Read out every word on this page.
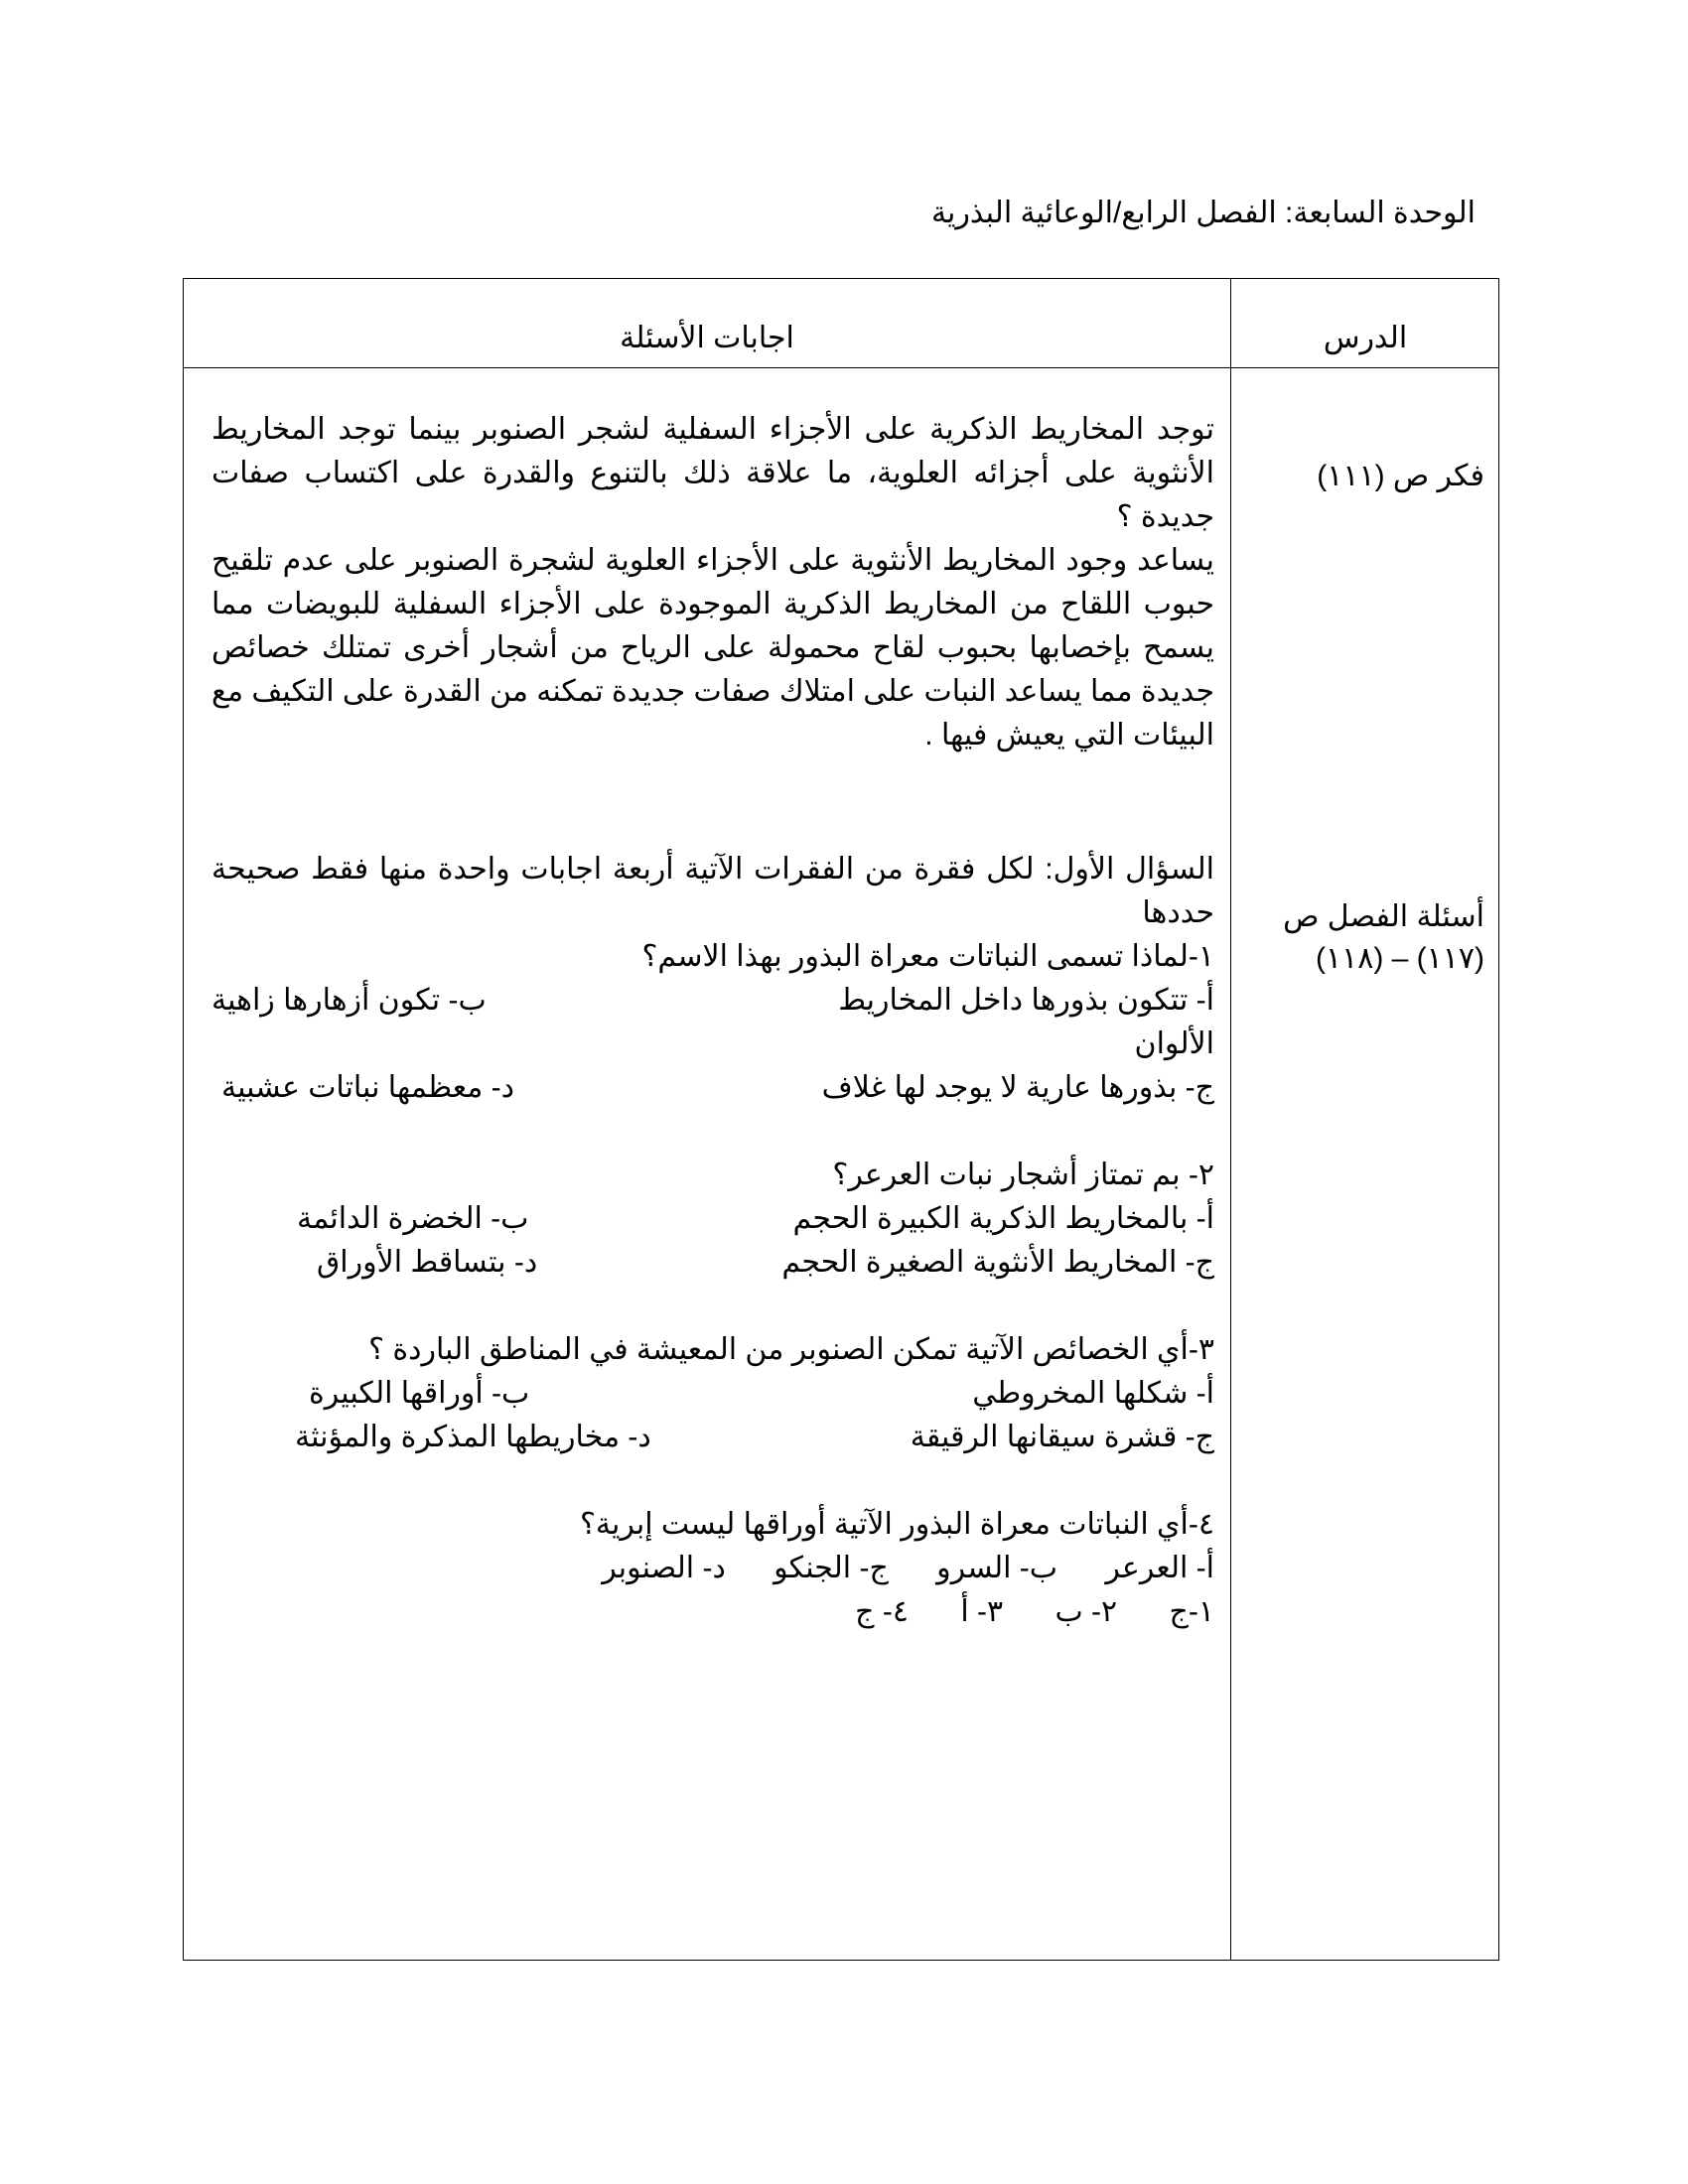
الوحدة السابعة: الفصل الرابع/الوعائية البذرية
الدرس
اجابات الأسئلة
فكر ص (١١١)

توجد المخاريط الذكرية على الأجزاء السفلية لشجر الصنوبر بينما توجد المخاريط الأنثوية على أجزائه العلوية، ما علاقة ذلك بالتنوع والقدرة على اكتساب صفات جديدة ؟

يساعد وجود المخاريط الأنثوية على الأجزاء العلوية لشجرة الصنوبر على عدم تلقيح حبوب اللقاح من المخاريط الذكرية الموجودة على الأجزاء السفلية للبويضات مما يسمح بإخصابها بحبوب لقاح محمولة على الرياح من أشجار أخرى تمتلك خصائص جديدة مما يساعد النبات على امتلاك صفات جديدة تمكنه من القدرة على التكيف مع البيئات التي يعيش فيها .

أسئلة الفصل ص
(١١٧) – (١١٨)

السؤال الأول: لكل فقرة من الفقرات الآتية أربعة اجابات واحدة منها فقط صحيحة حددها

١-لماذا تسمى النباتات معراة البذور بهذا الاسم؟

أ- تتكون بذورها داخل المخاريط
ب- تكون أزهارها زاهية

الألوان

ج- بذورها عارية لا يوجد لها غلاف
د- معظمها نباتات عشبية

٢- بم تمتاز أشجار نبات العرعر؟

أ- بالمخاريط الذكرية الكبيرة الحجم
ب- الخضرة الدائمة
ج- المخاريط الأنثوية الصغيرة الحجم
د- بتساقط الأوراق

٣-أي الخصائص الآتية تمكن الصنوبر من المعيشة في المناطق الباردة ؟

أ- شكلها المخروطي
ب- أوراقها الكبيرة
ج- قشرة سيقانها الرقيقة
د- مخاريطها المذكرة والمؤنثة

٤-أي النباتات معراة البذور الآتية أوراقها ليست إبرية؟

أ- العرعر ب- السرو ج- الجنكو د- الصنوبر
١-ج ٢- ب ٣- أ ٤- ج
